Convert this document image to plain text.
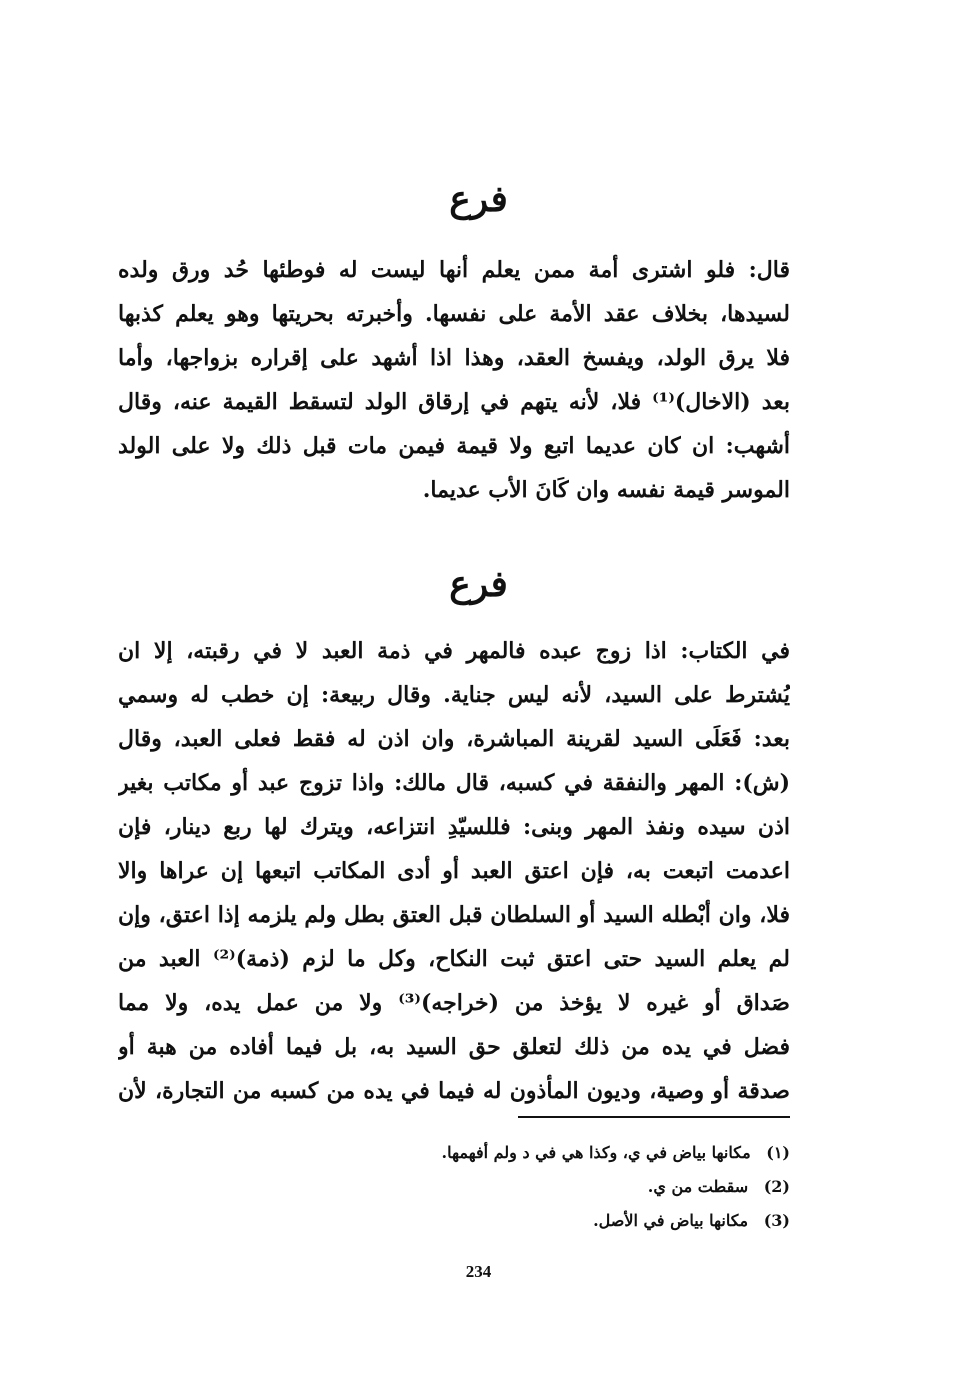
فرع
قال: فلو اشترى أمة ممن يعلم أنها ليست له فوطئها حُد ورق ولده
لسيدها، بخلاف عقد الأمة على نفسها. وأخبرته بحريتها وهو يعلم كذبها
فلا يرق الولد، ويفسخ العقد، وهذا اذا أشهد على إقراره بزواجها، وأما
بعد (الاخال)⁽¹⁾ فلا، لأنه يتهم في إرقاق الولد لتسقط القيمة عنه، وقال
أشهب: ان كان عديما اتبع ولا قيمة فيمن مات قبل ذلك ولا على الولد
الموسر قيمة نفسه وان كَانَ الأب عديما.
فرع
في الكتاب: اذا زوج عبده فالمهر في ذمة العبد لا في رقبته، إلا ان
يُشترط على السيد، لأنه ليس جناية. وقال ربيعة: إن خطب له وسمي
بعد: فَعَلَى السيد لقرينة المباشرة، وان اذن له فقط فعلى العبد، وقال
(ش): المهر والنفقة في كسبه، قال مالك: واذا تزوج عبد أو مكاتب بغير
اذن سيده ونفذ المهر وبنى: فللسيّدِ انتزاعه، ويترك لها ربع دينار، فإن
اعدمت اتبعت به، فإن اعتق العبد أو أدى المكاتب اتبعها إن عراها والا
فلا، وان أبْطله السيد أو السلطان قبل العتق بطل ولم يلزمه إذا اعتق، وإن
لم يعلم السيد حتى اعتق ثبت النكاح، وكل ما لزم (ذمة)⁽²⁾ العبد من
صَداق أو غيره لا يؤخذ من (خراجه)⁽³⁾ ولا من عمل يده، ولا مما
فضل في يده من ذلك لتعلق حق السيد به، بل فيما أفاده من هبة أو
صدقة أو وصية، وديون المأذون له فيما في يده من كسبه من التجارة، لأن
(١) مكانها بياض في ي، وكذا هي في د ولم أفهمها.
(2) سقطت من ي.
(3) مكانها بياض في الأصل.
234
